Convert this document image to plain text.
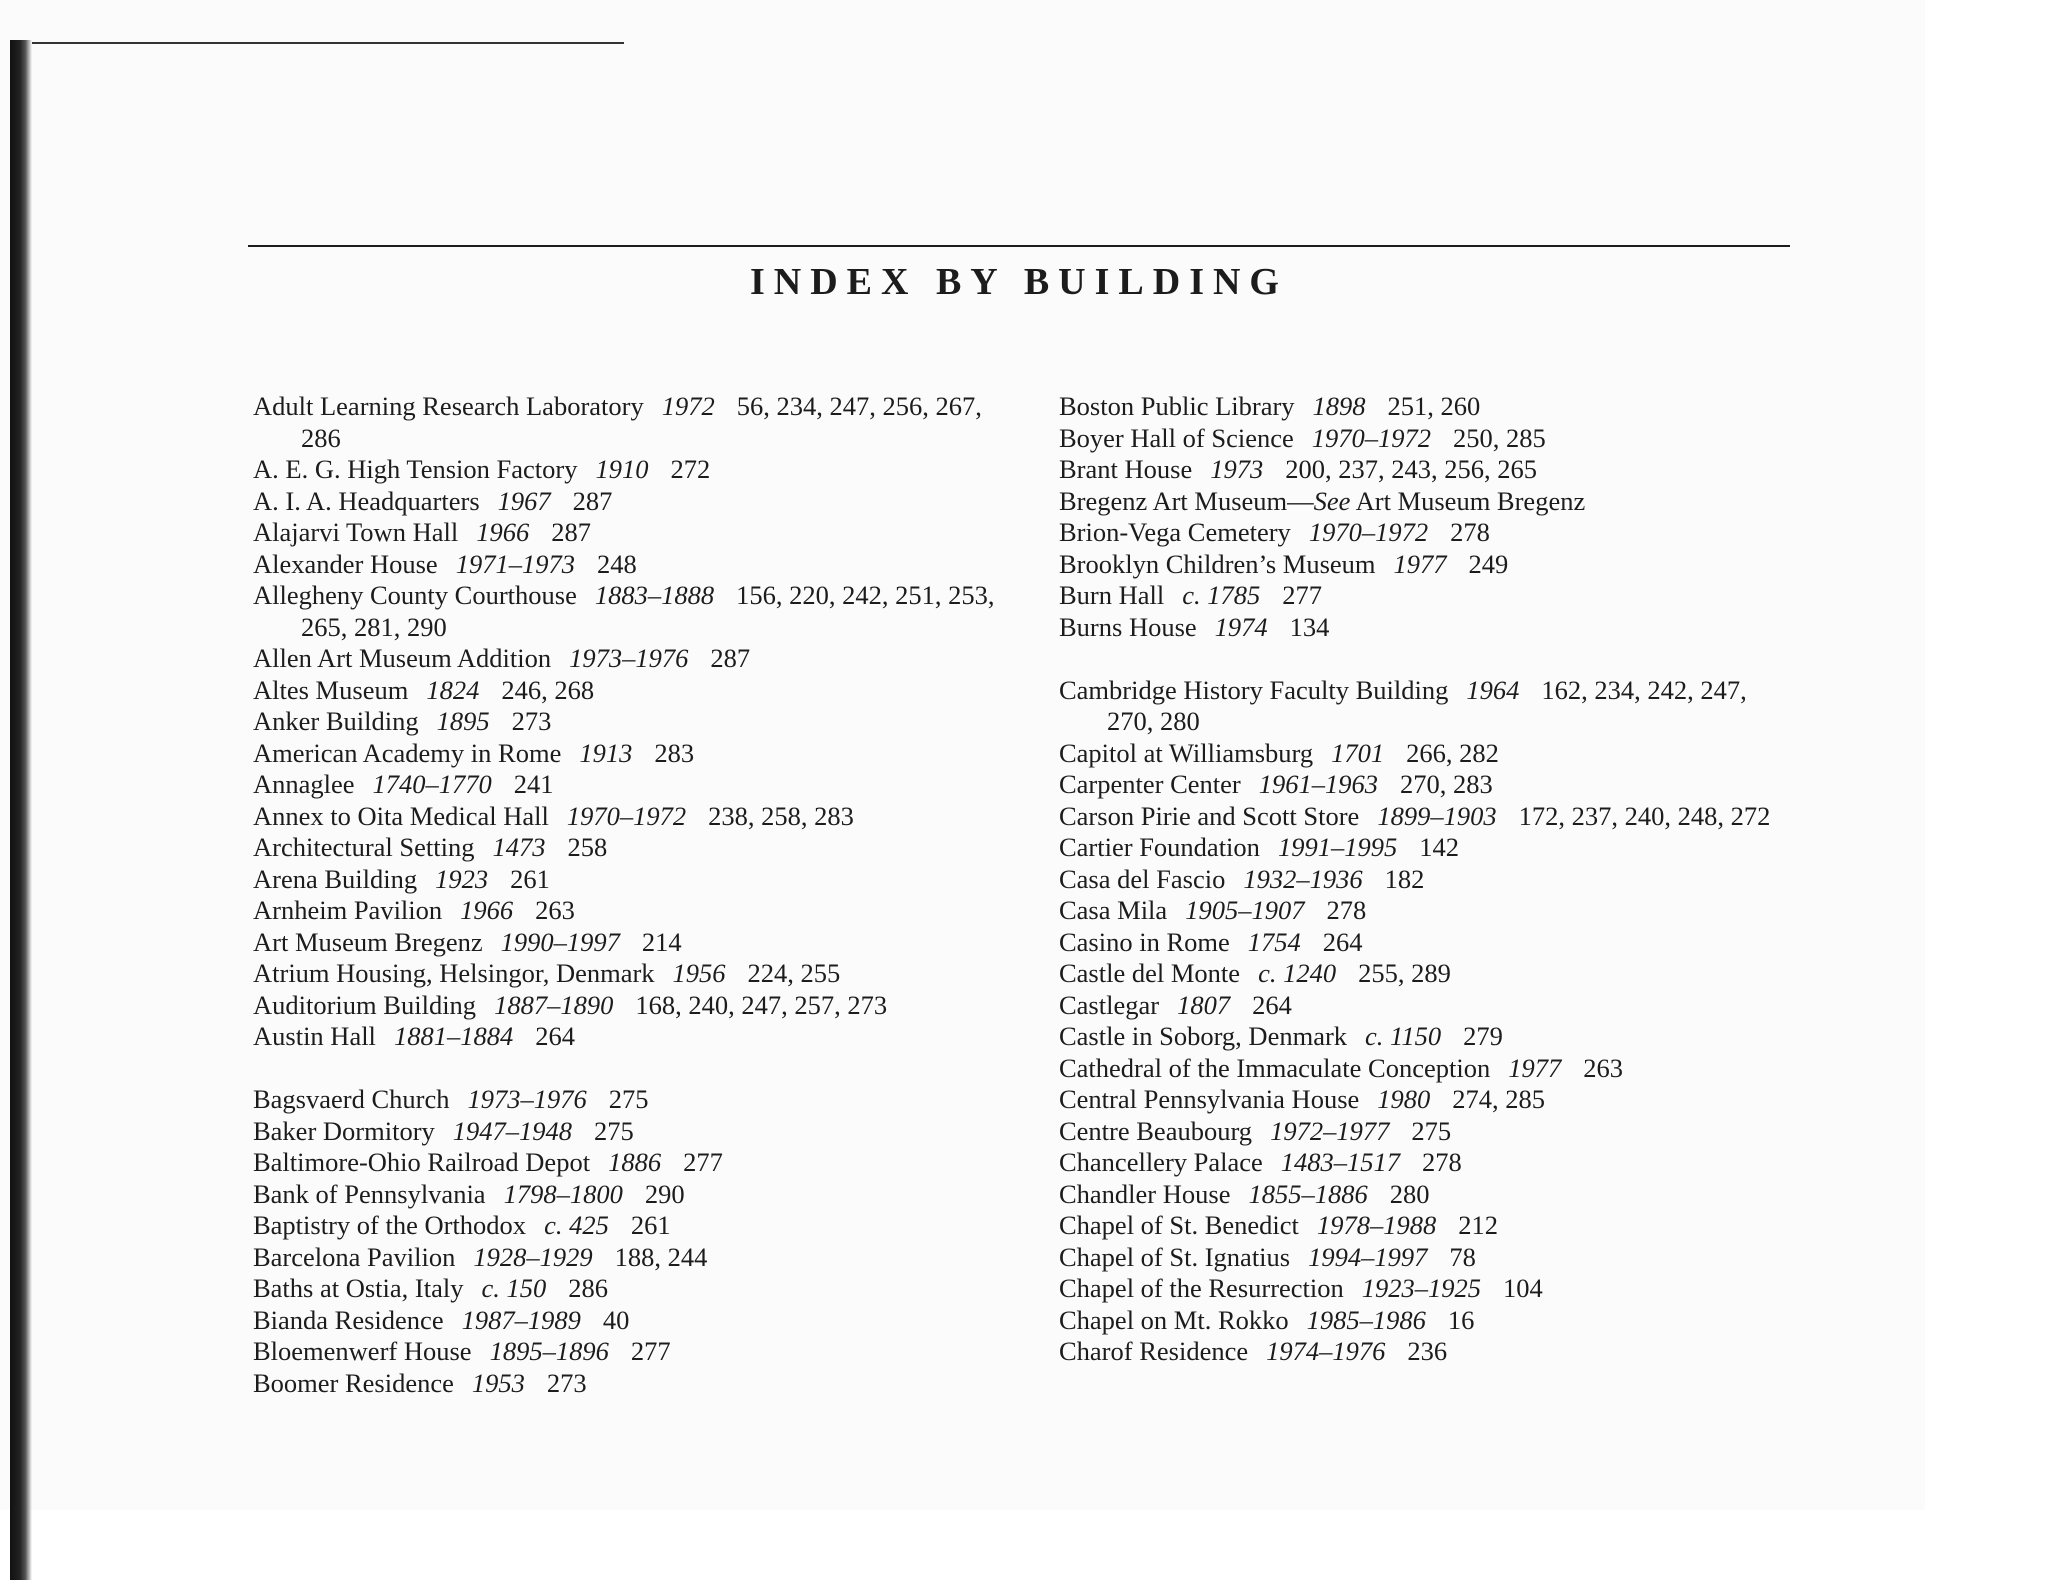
INDEX BY BUILDING
Adult Learning Research Laboratory 1972 56, 234, 247, 256, 267, 286
A. E. G. High Tension Factory 1910 272
A. I. A. Headquarters 1967 287
Alajarvi Town Hall 1966 287
Alexander House 1971–1973 248
Allegheny County Courthouse 1883–1888 156, 220, 242, 251, 253, 265, 281, 290
Allen Art Museum Addition 1973–1976 287
Altes Museum 1824 246, 268
Anker Building 1895 273
American Academy in Rome 1913 283
Annaglee 1740–1770 241
Annex to Oita Medical Hall 1970–1972 238, 258, 283
Architectural Setting 1473 258
Arena Building 1923 261
Arnheim Pavilion 1966 263
Art Museum Bregenz 1990–1997 214
Atrium Housing, Helsingor, Denmark 1956 224, 255
Auditorium Building 1887–1890 168, 240, 247, 257, 273
Austin Hall 1881–1884 264
Bagsvaerd Church 1973–1976 275
Baker Dormitory 1947–1948 275
Baltimore-Ohio Railroad Depot 1886 277
Bank of Pennsylvania 1798–1800 290
Baptistry of the Orthodox c. 425 261
Barcelona Pavilion 1928–1929 188, 244
Baths at Ostia, Italy c. 150 286
Bianda Residence 1987–1989 40
Bloemenwerf House 1895–1896 277
Boomer Residence 1953 273
Boston Public Library 1898 251, 260
Boyer Hall of Science 1970–1972 250, 285
Brant House 1973 200, 237, 243, 256, 265
Bregenz Art Museum—See Art Museum Bregenz
Brion-Vega Cemetery 1970–1972 278
Brooklyn Children’s Museum 1977 249
Burn Hall c. 1785 277
Burns House 1974 134
Cambridge History Faculty Building 1964 162, 234, 242, 247, 270, 280
Capitol at Williamsburg 1701 266, 282
Carpenter Center 1961–1963 270, 283
Carson Pirie and Scott Store 1899–1903 172, 237, 240, 248, 272
Cartier Foundation 1991–1995 142
Casa del Fascio 1932–1936 182
Casa Mila 1905–1907 278
Casino in Rome 1754 264
Castle del Monte c. 1240 255, 289
Castlegar 1807 264
Castle in Soborg, Denmark c. 1150 279
Cathedral of the Immaculate Conception 1977 263
Central Pennsylvania House 1980 274, 285
Centre Beaubourg 1972–1977 275
Chancellery Palace 1483–1517 278
Chandler House 1855–1886 280
Chapel of St. Benedict 1978–1988 212
Chapel of St. Ignatius 1994–1997 78
Chapel of the Resurrection 1923–1925 104
Chapel on Mt. Rokko 1985–1986 16
Charof Residence 1974–1976 236
